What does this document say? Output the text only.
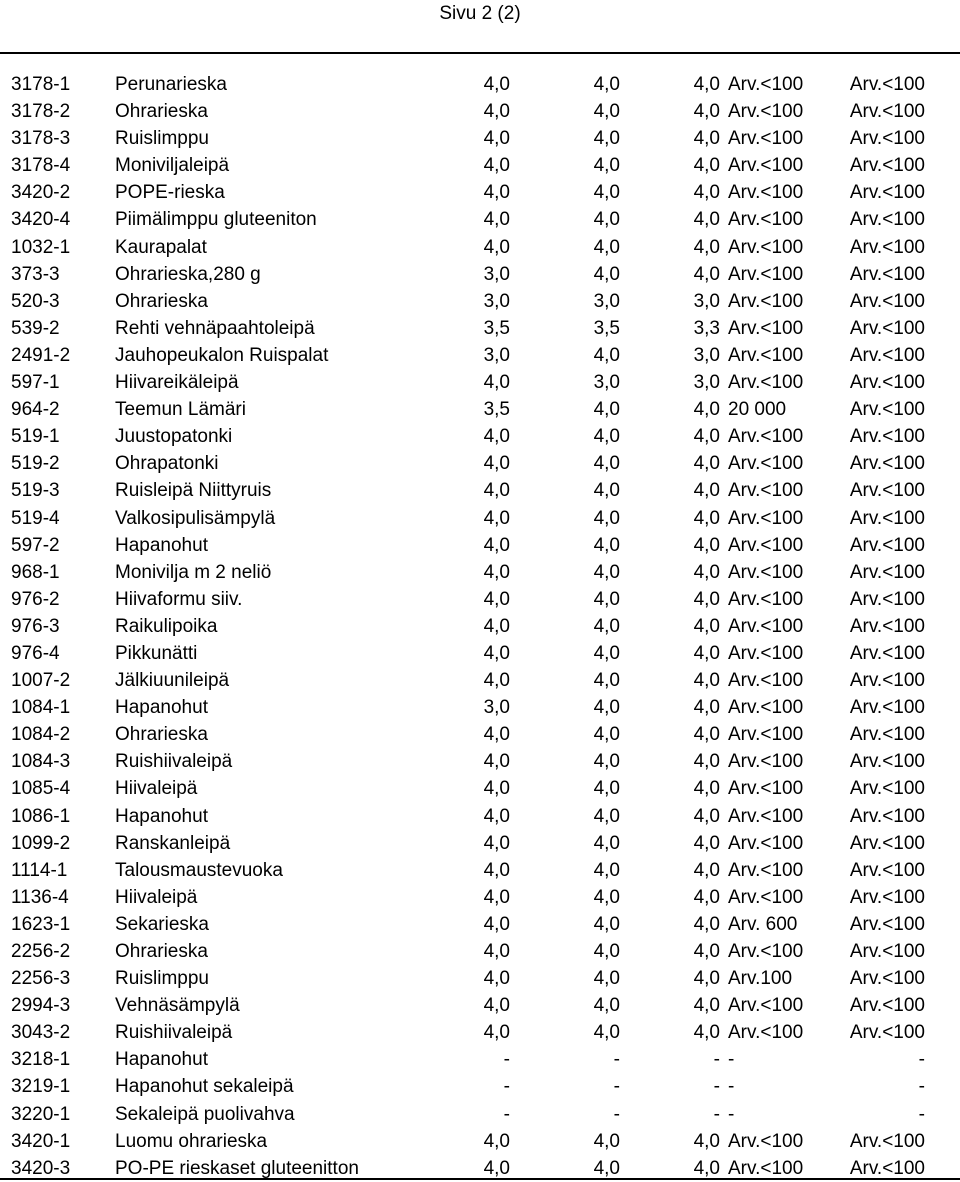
Sivu 2 (2)
3178-1 Perunarieska	4,0	4,0	4,0 Arv.<100 Arv.<100
3178-2 Ohrarieska	4,0	4,0	4,0 Arv.<100 Arv.<100
3178-3 Ruislimppu	4,0	4,0	4,0 Arv.<100 Arv.<100
3178-4 Moniviljaleipä	4,0	4,0	4,0 Arv.<100 Arv.<100
3420-2 POPE-rieska	4,0	4,0	4,0 Arv.<100 Arv.<100
3420-4 Piimälimppu gluteeniton	4,0	4,0	4,0 Arv.<100 Arv.<100
1032-1 Kaurapalat	4,0	4,0	4,0 Arv.<100 Arv.<100
373-3	Ohrarieska,280 g	3,0	4,0	4,0 Arv.<100 Arv.<100
520-3	Ohrarieska	3,0	3,0	3,0 Arv.<100 Arv.<100
539-2	Rehti vehnäpaahtoleipä	3,5	3,5	3,3 Arv.<100 Arv.<100
2491-2 Jauhopeukalon Ruispalat	3,0	4,0	3,0 Arv.<100 Arv.<100
597-1	Hiivareikäleipä	4,0	3,0	3,0 Arv.<100 Arv.<100
964-2	Teemun Lämäri	3,5	4,0	4,0 20 000	Arv.<100
519-1	Juustopatonki	4,0	4,0	4,0 Arv.<100 Arv.<100
519-2	Ohrapatonki	4,0	4,0	4,0 Arv.<100 Arv.<100
519-3	Ruisleipä Niittyruis	4,0	4,0	4,0 Arv.<100 Arv.<100
519-4	Valkosipulisämpylä	4,0	4,0	4,0 Arv.<100 Arv.<100
597-2	Hapanohut	4,0	4,0	4,0 Arv.<100 Arv.<100
968-1	Monivilja m 2 neliö	4,0	4,0	4,0 Arv.<100 Arv.<100
976-2	Hiivaformu siiv.	4,0	4,0	4,0 Arv.<100 Arv.<100
976-3	Raikulipoika	4,0	4,0	4,0 Arv.<100 Arv.<100
976-4	Pikkunätti	4,0	4,0	4,0 Arv.<100 Arv.<100
1007-2 Jälkiuunileipä	4,0	4,0	4,0 Arv.<100 Arv.<100
1084-1 Hapanohut	3,0	4,0	4,0 Arv.<100 Arv.<100
1084-2 Ohrarieska	4,0	4,0	4,0 Arv.<100 Arv.<100
1084-3 Ruishiivaleipä	4,0	4,0	4,0 Arv.<100 Arv.<100
1085-4 Hiivaleipä	4,0	4,0	4,0 Arv.<100 Arv.<100
1086-1 Hapanohut	4,0	4,0	4,0 Arv.<100 Arv.<100
1099-2 Ranskanleipä	4,0	4,0	4,0 Arv.<100 Arv.<100
1114-1	Talousmaustevuoka	4,0	4,0	4,0 Arv.<100 Arv.<100
1136-4 Hiivaleipä	4,0	4,0	4,0 Arv.<100 Arv.<100
1623-1 Sekarieska	4,0	4,0	4,0 Arv. 600	Arv.<100
2256-2 Ohrarieska	4,0	4,0	4,0 Arv.<100 Arv.<100
2256-3 Ruislimppu	4,0	4,0	4,0 Arv.100	Arv.<100
2994-3 Vehnäsämpylä	4,0	4,0	4,0 Arv.<100 Arv.<100
3043-2 Ruishiivaleipä	4,0	4,0	4,0 Arv.<100 Arv.<100
3218-1 Hapanohut	-	-	- -	-
3219-1 Hapanohut sekaleipä	-	-	- -	-
3220-1 Sekaleipä puolivahva	-	-	- -	-
3420-1 Luomu ohrarieska	4,0	4,0	4,0 Arv.<100 Arv.<100
3420-3 PO-PE rieskaset gluteenitton	4,0	4,0	4,0 Arv.<100 Arv.<100
